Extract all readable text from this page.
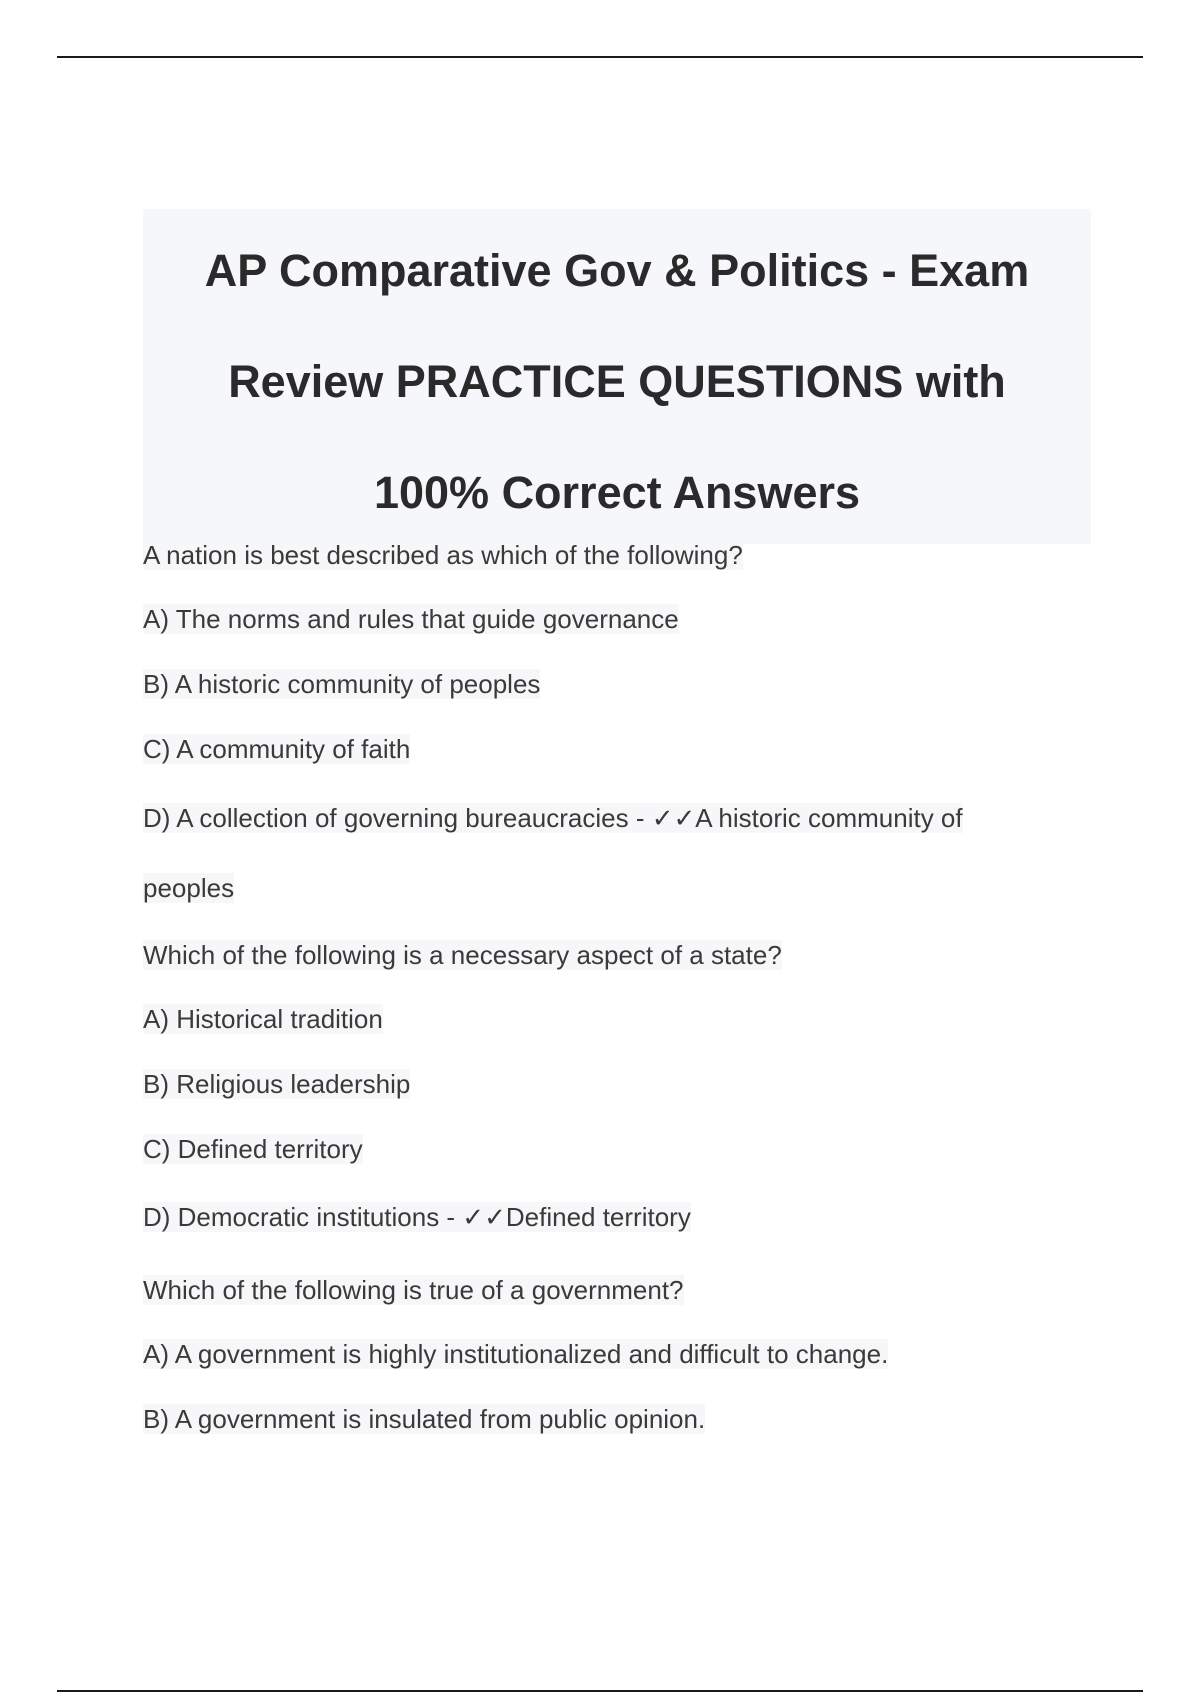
AP Comparative Gov & Politics - Exam
Review PRACTICE QUESTIONS with
100% Correct Answers
A nation is best described as which of the following?
A) The norms and rules that guide governance
B) A historic community of peoples
C) A community of faith
D) A collection of governing bureaucracies - ✓✓A historic community of
peoples
Which of the following is a necessary aspect of a state?
A) Historical tradition
B) Religious leadership
C) Defined territory
D) Democratic institutions - ✓✓Defined territory
Which of the following is true of a government?
A) A government is highly institutionalized and difficult to change.
B) A government is insulated from public opinion.
